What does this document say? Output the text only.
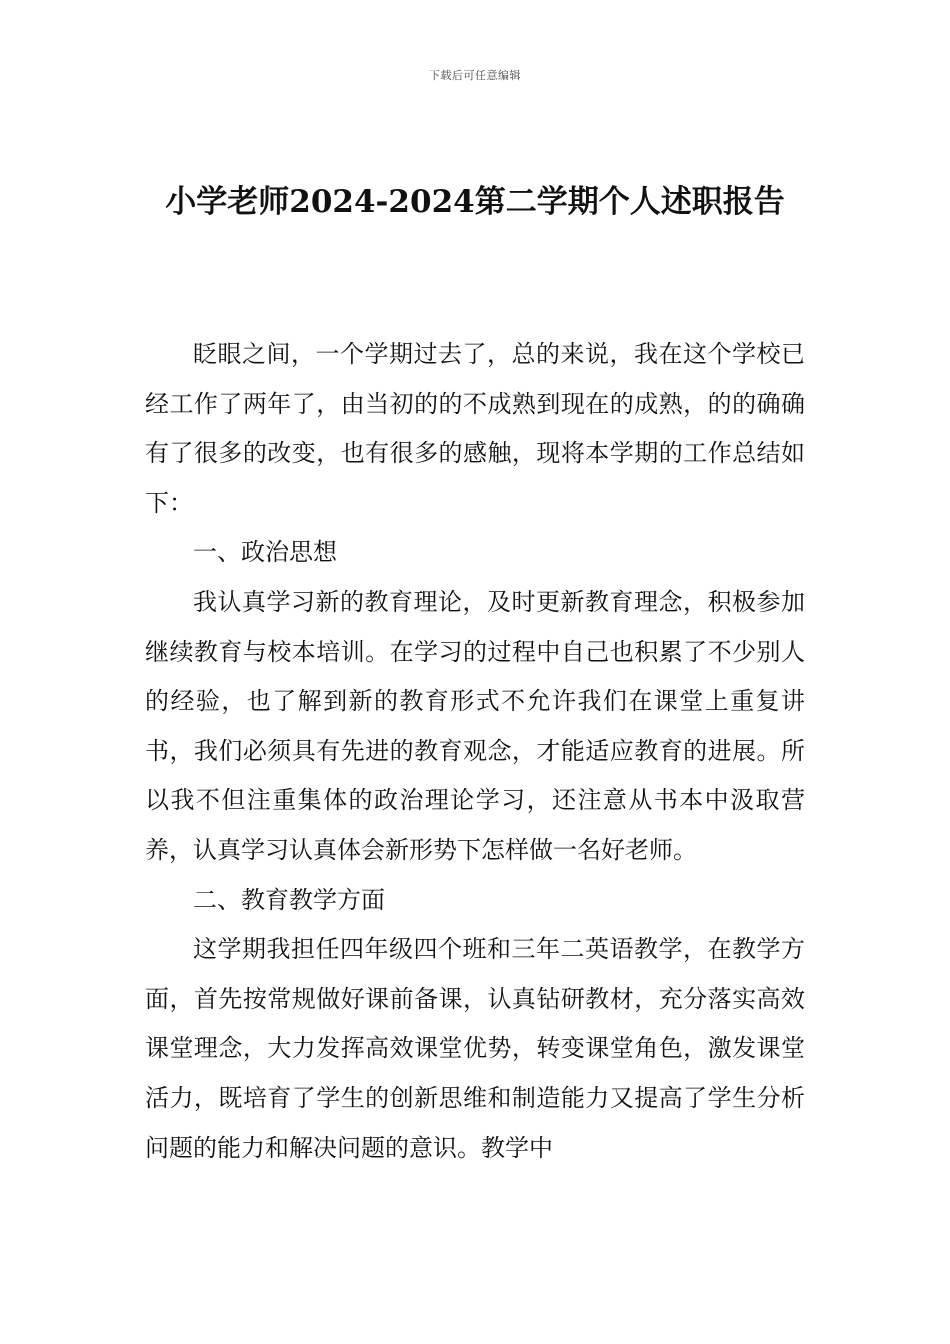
下载后可任意编辑
小学老师2024-2024第二学期个人述职报告

眨眼之间，一个学期过去了，总的来说，我在这个学校已经工作了两年了，由当初的的不成熟到现在的成熟，的的确确有了很多的改变，也有很多的感触，现将本学期的工作总结如下：

一、政治思想

我认真学习新的教育理论，及时更新教育理念，积极参加继续教育与校本培训。在学习的过程中自己也积累了不少别人的经验，也了解到新的教育形式不允许我们在课堂上重复讲书，我们必须具有先进的教育观念，才能适应教育的进展。所以我不但注重集体的政治理论学习，还注意从书本中汲取营养，认真学习认真体会新形势下怎样做一名好老师。

二、教育教学方面

这学期我担任四年级四个班和三年二英语教学，在教学方面，首先按常规做好课前备课，认真钻研教材，充分落实高效课堂理念，大力发挥高效课堂优势，转变课堂角色，激发课堂活力，既培育了学生的创新思维和制造能力又提高了学生分析问题的能力和解决问题的意识。教学中
